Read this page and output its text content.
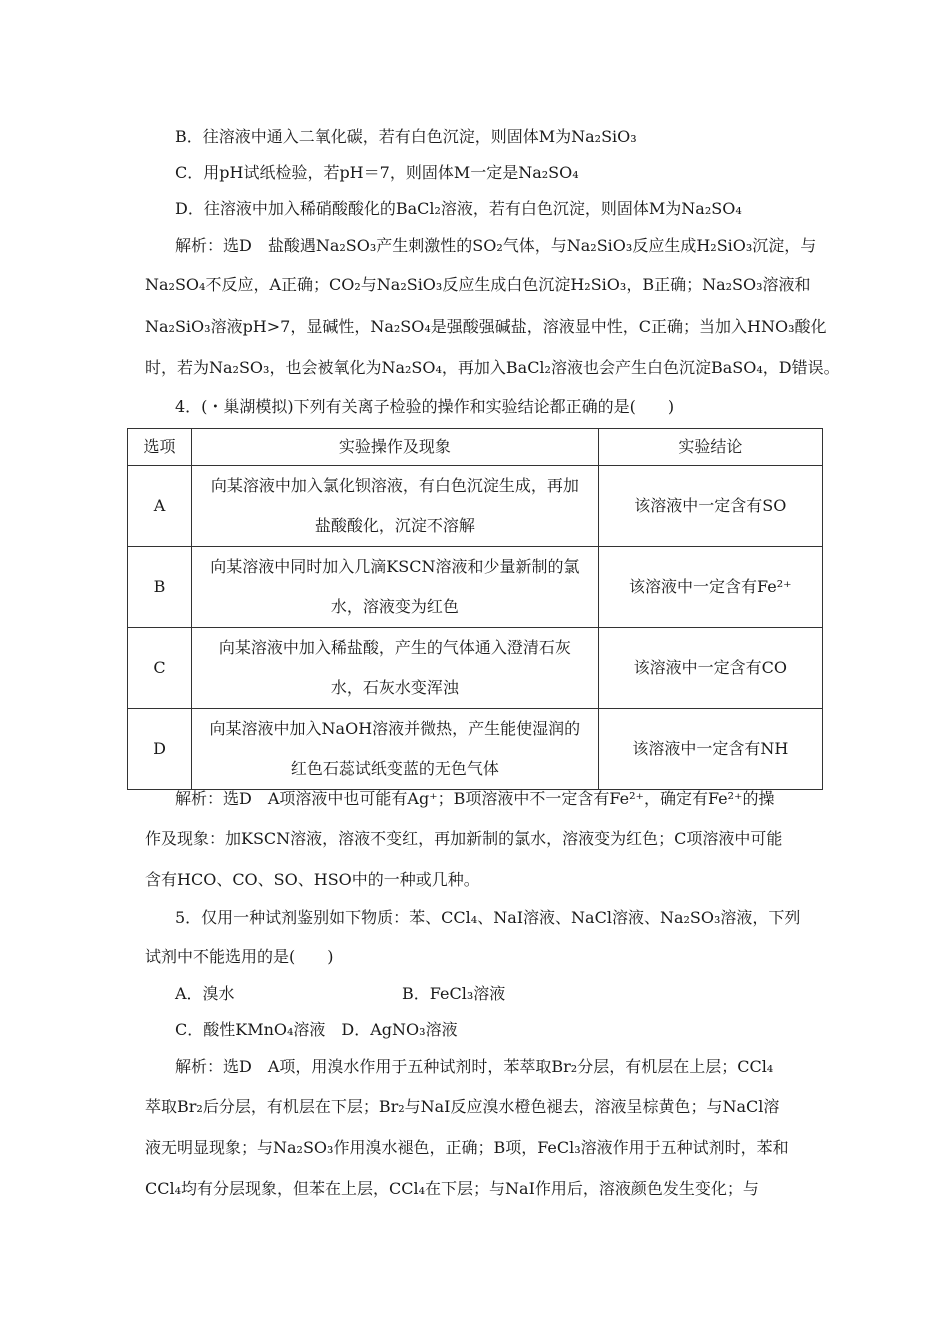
B．往溶液中通入二氧化碳，若有白色沉淀，则固体M为Na₂SiO₃
C．用pH试纸检验，若pH＝7，则固体M一定是Na₂SO₄
D．往溶液中加入稀硝酸酸化的BaCl₂溶液，若有白色沉淀，则固体M为Na₂SO₄
解析：选D　盐酸遇Na₂SO₃产生刺激性的SO₂气体，与Na₂SiO₃反应生成H₂SiO₃沉淀，与
Na₂SO₄不反应，A正确；CO₂与Na₂SiO₃反应生成白色沉淀H₂SiO₃，B正确；Na₂SO₃溶液和
Na₂SiO₃溶液pH>7，显碱性，Na₂SO₄是强酸强碱盐，溶液显中性，C正确；当加入HNO₃酸化
时，若为Na₂SO₃，也会被氧化为Na₂SO₄，再加入BaCl₂溶液也会产生白色沉淀BaSO₄，D错误。
4．(・巢湖模拟)下列有关离子检验的操作和实验结论都正确的是(　　)
选项	实验操作及现象	实验结论
A	向某溶液中加入氯化钡溶液，有白色沉淀生成，再加
盐酸酸化，沉淀不溶解	该溶液中一定含有SO
B	向某溶液中同时加入几滴KSCN溶液和少量新制的氯
水，溶液变为红色	该溶液中一定含有Fe²⁺
C	向某溶液中加入稀盐酸，产生的气体通入澄清石灰
水，石灰水变浑浊	该溶液中一定含有CO
D	向某溶液中加入NaOH溶液并微热，产生能使湿润的
红色石蕊试纸变蓝的无色气体	该溶液中一定含有NH
解析：选D　A项溶液中也可能有Ag⁺；B项溶液中不一定含有Fe²⁺，确定有Fe²⁺的操
作及现象：加KSCN溶液，溶液不变红，再加新制的氯水，溶液变为红色；C项溶液中可能
含有HCO、CO、SO、HSO中的一种或几种。
5．仅用一种试剂鉴别如下物质：苯、CCl₄、NaI溶液、NaCl溶液、Na₂SO₃溶液，下列
试剂中不能选用的是(　　)
A．溴水	B．FeCl₃溶液
C．酸性KMnO₄溶液　D．AgNO₃溶液
解析：选D　A项，用溴水作用于五种试剂时，苯萃取Br₂分层，有机层在上层；CCl₄
萃取Br₂后分层，有机层在下层；Br₂与NaI反应溴水橙色褪去，溶液呈棕黄色；与NaCl溶
液无明显现象；与Na₂SO₃作用溴水褪色，正确；B项，FeCl₃溶液作用于五种试剂时，苯和
CCl₄均有分层现象，但苯在上层，CCl₄在下层；与NaI作用后，溶液颜色发生变化；与
